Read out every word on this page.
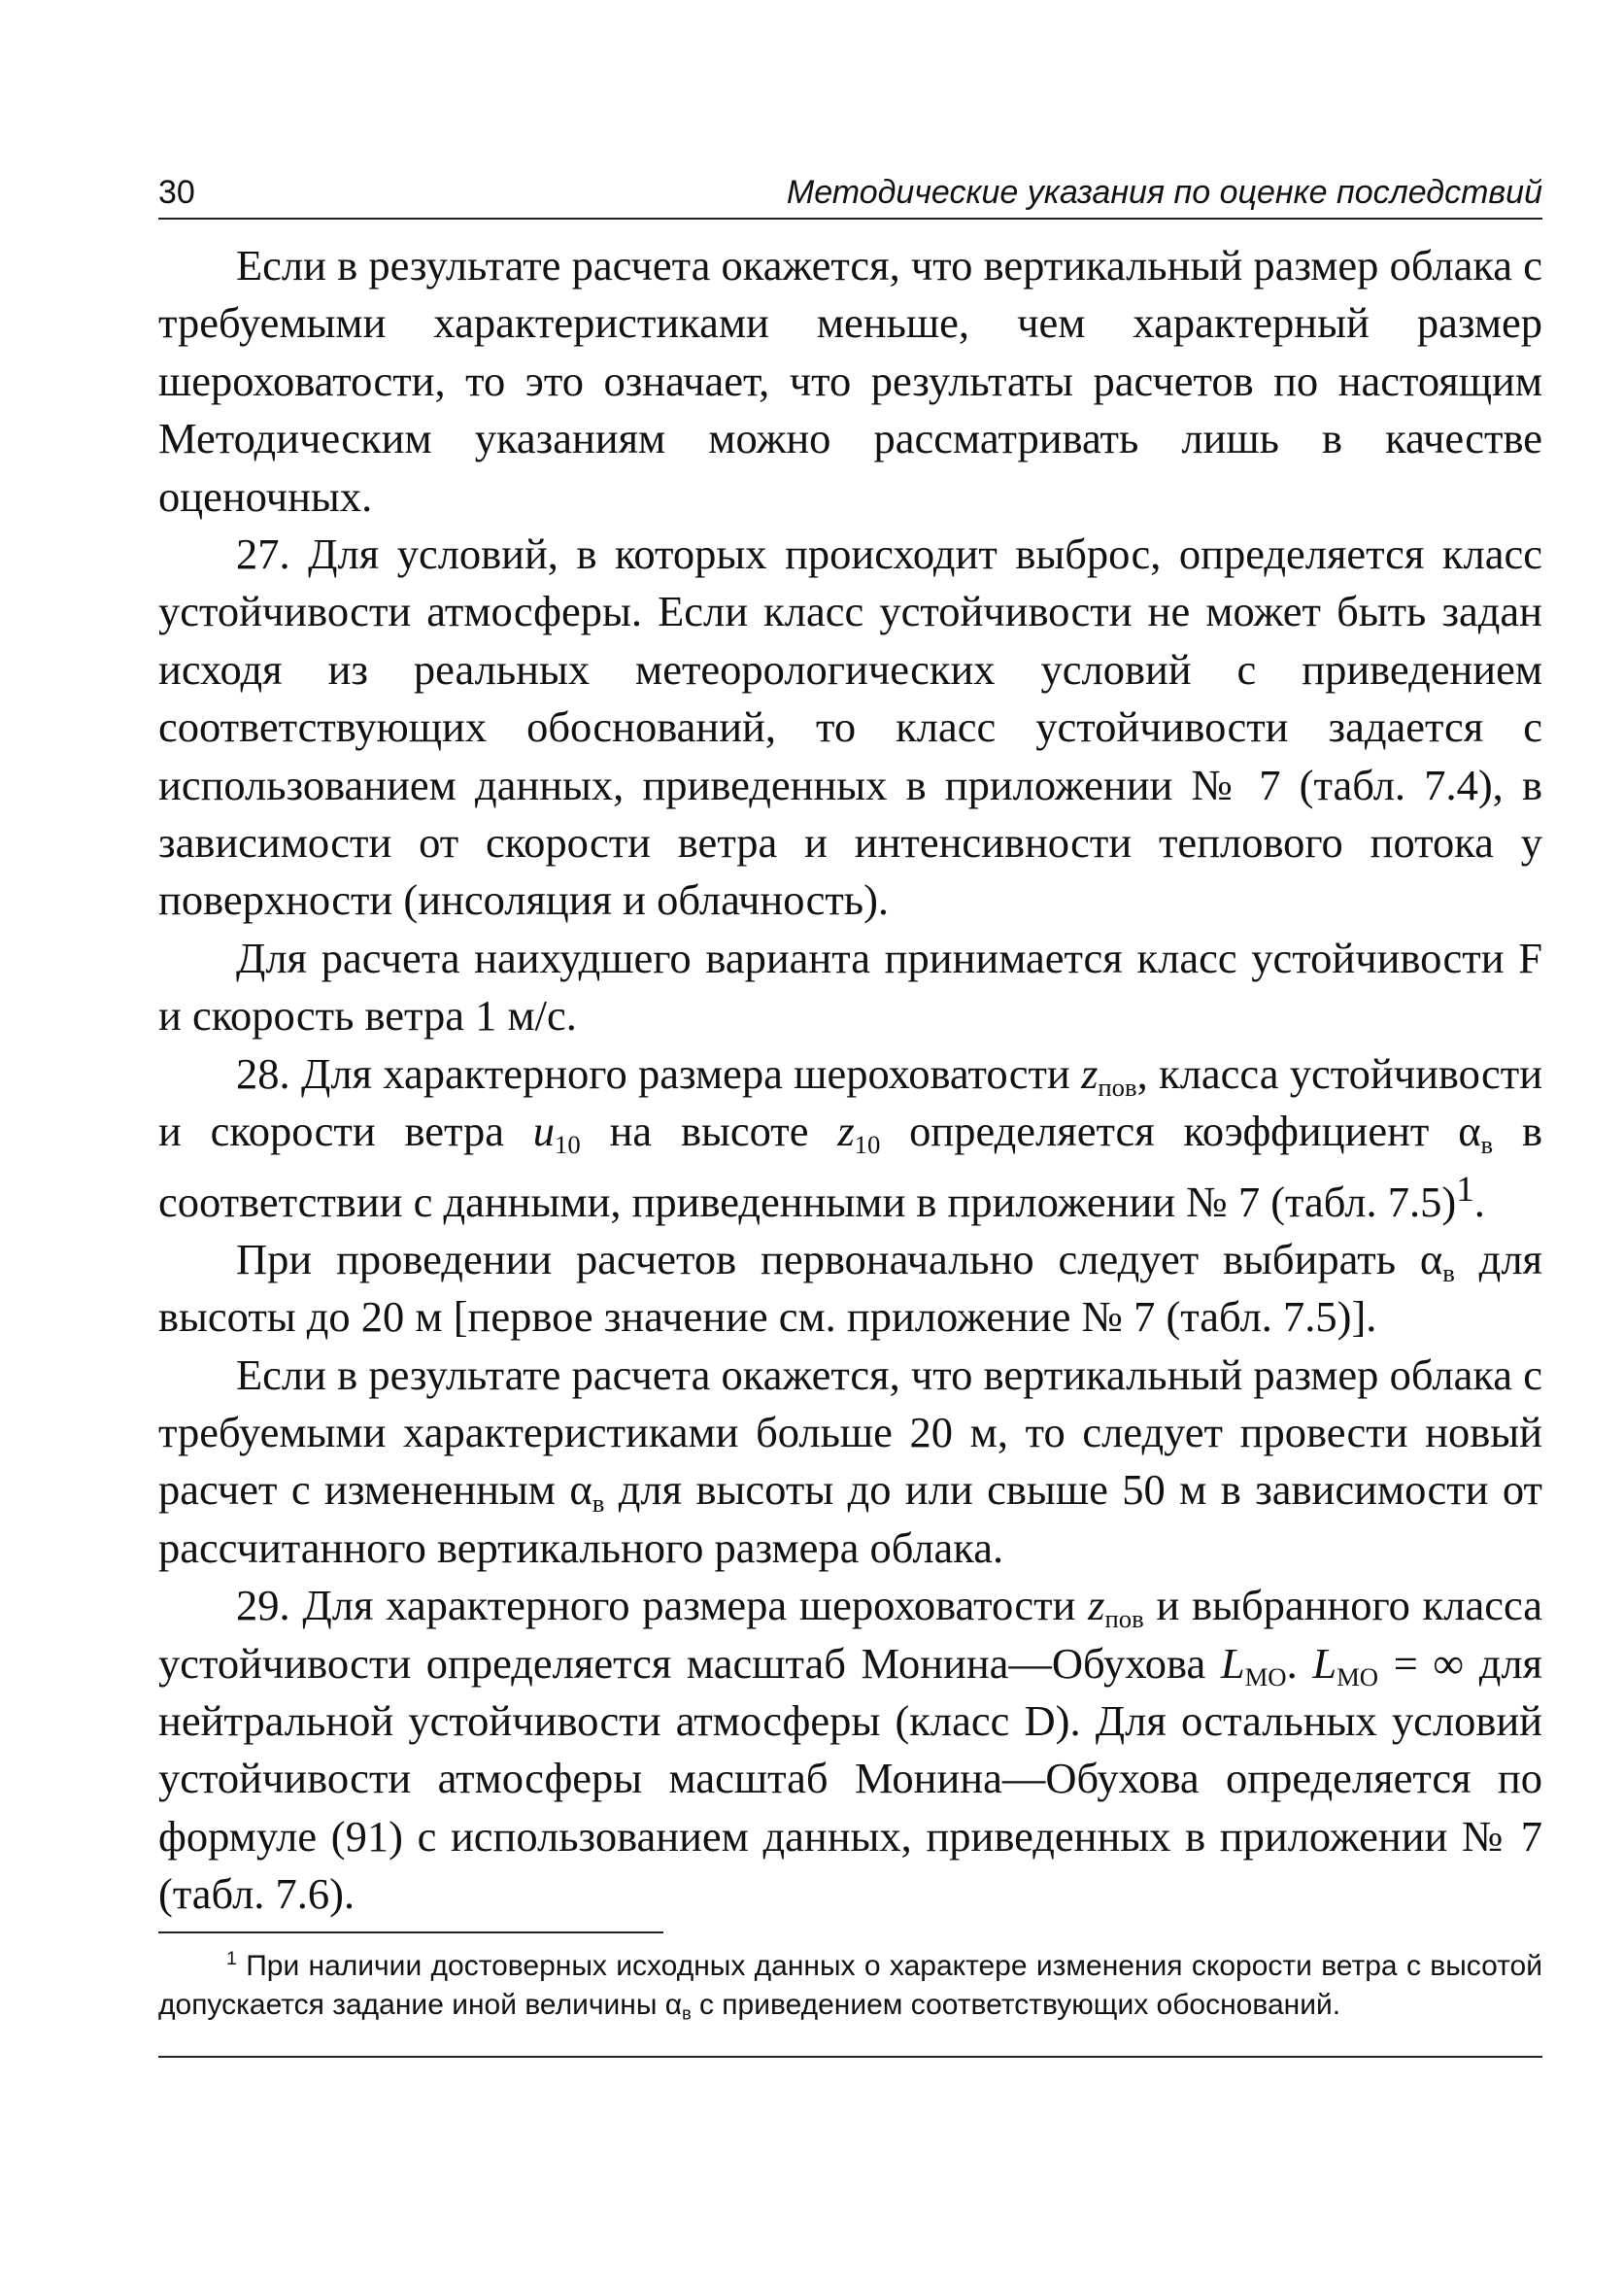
30	Методические указания по оценке последствий

Если в результате расчета окажется, что вертикальный размер облака с требуемыми характеристиками меньше, чем характерный размер шероховатости, то это означает, что результаты расчетов по настоящим Методическим указаниям можно рассматривать лишь в качестве оценочных.

27. Для условий, в которых происходит выброс, определяется класс устойчивости атмосферы. Если класс устойчивости не может быть задан исходя из реальных метеорологических условий с приведением соответствующих обоснований, то класс устойчивости задается с использованием данных, приведенных в приложении № 7 (табл. 7.4), в зависимости от скорости ветра и интенсивности теплового потока у поверхности (инсоляция и облачность).

Для расчета наихудшего варианта принимается класс устойчивости F и скорость ветра 1 м/с.

28. Для характерного размера шероховатости $z_{пов}$, класса устойчивости и скорости ветра $u_{10}$ на высоте $z_{10}$ определяется коэффициент $\alpha_в$ в соответствии с данными, приведенными в приложении № 7 (табл. 7.5)$^1$.

При проведении расчетов первоначально следует выбирать $\alpha_в$ для высоты до 20 м [первое значение см. приложение № 7 (табл. 7.5)].

Если в результате расчета окажется, что вертикальный размер облака с требуемыми характеристиками больше 20 м, то следует провести новый расчет с измененным $\alpha_в$ для высоты до или свыше 50 м в зависимости от рассчитанного вертикального размера облака.

29. Для характерного размера шероховатости $z_{пов}$ и выбранного класса устойчивости определяется масштаб Монина—Обухова $L_{МО}$. $L_{МО}$ = ∞ для нейтральной устойчивости атмосферы (класс D). Для остальных условий устойчивости атмосферы масштаб Монина—Обухова определяется по формуле (91) с использованием данных, приведенных в приложении № 7 (табл. 7.6).

$^1$ При наличии достоверных исходных данных о характере изменения скорости ветра с высотой допускается задание иной величины $\alpha_в$ с приведением соответствующих обоснований.
